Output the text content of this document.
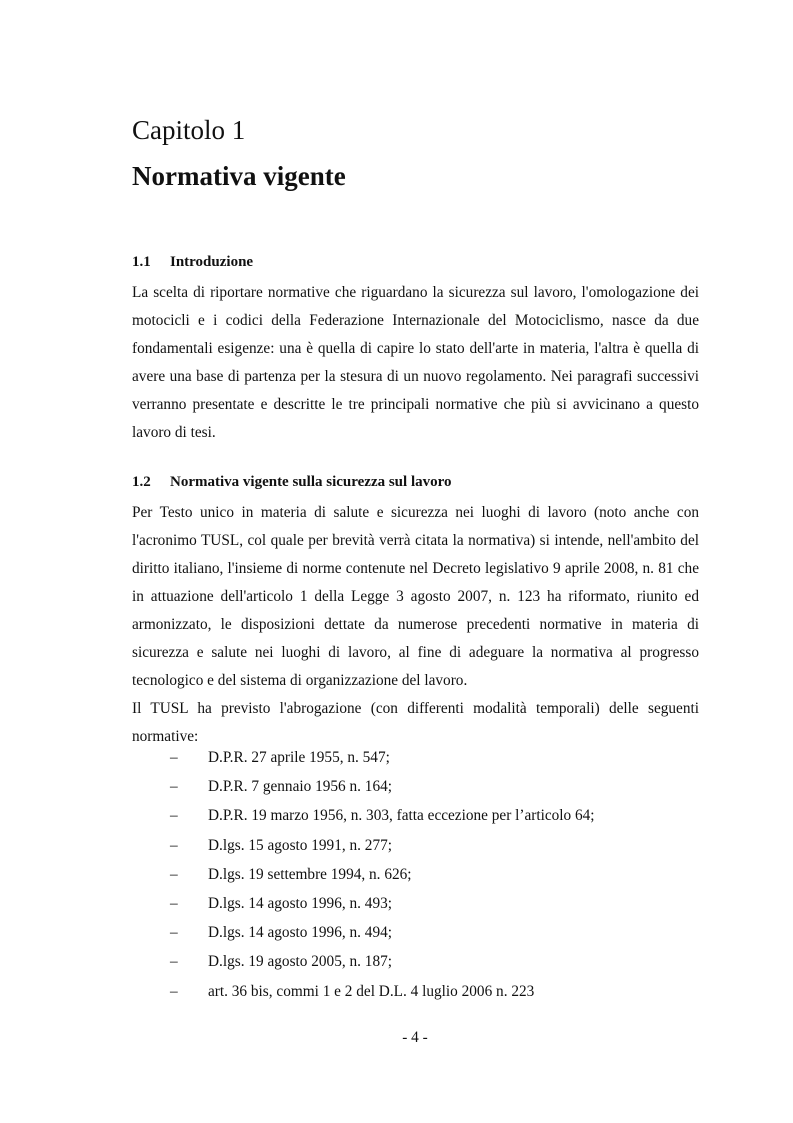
Capitolo 1
Normativa vigente
1.1 Introduzione

La scelta di riportare normative che riguardano la sicurezza sul lavoro, l'omologazione dei motocicli e i codici della Federazione Internazionale del Motociclismo, nasce da due fondamentali esigenze: una è quella di capire lo stato dell'arte in materia, l'altra è quella di avere una base di partenza per la stesura di un nuovo regolamento. Nei paragrafi successivi verranno presentate e descritte le tre principali normative che più si avvicinano a questo lavoro di tesi.

1.2 Normativa vigente sulla sicurezza sul lavoro

Per Testo unico in materia di salute e sicurezza nei luoghi di lavoro (noto anche con l'acronimo TUSL, col quale per brevità verrà citata la normativa) si intende, nell'ambito del diritto italiano, l'insieme di norme contenute nel Decreto legislativo 9 aprile 2008, n. 81 che in attuazione dell'articolo 1 della Legge 3 agosto 2007, n. 123 ha riformato, riunito ed armonizzato, le disposizioni dettate da numerose precedenti normative in materia di sicurezza e salute nei luoghi di lavoro, al fine di adeguare la normativa al progresso tecnologico e del sistema di organizzazione del lavoro.

Il TUSL ha previsto l'abrogazione (con differenti modalità temporali) delle seguenti normative:

– D.P.R. 27 aprile 1955, n. 547;
– D.P.R. 7 gennaio 1956 n. 164;
– D.P.R. 19 marzo 1956, n. 303, fatta eccezione per l’articolo 64;
– D.lgs. 15 agosto 1991, n. 277;
– D.lgs. 19 settembre 1994, n. 626;
– D.lgs. 14 agosto 1996, n. 493;
– D.lgs. 14 agosto 1996, n. 494;
– D.lgs. 19 agosto 2005, n. 187;
– art. 36 bis, commi 1 e 2 del D.L. 4 luglio 2006 n. 223
- 4 -
